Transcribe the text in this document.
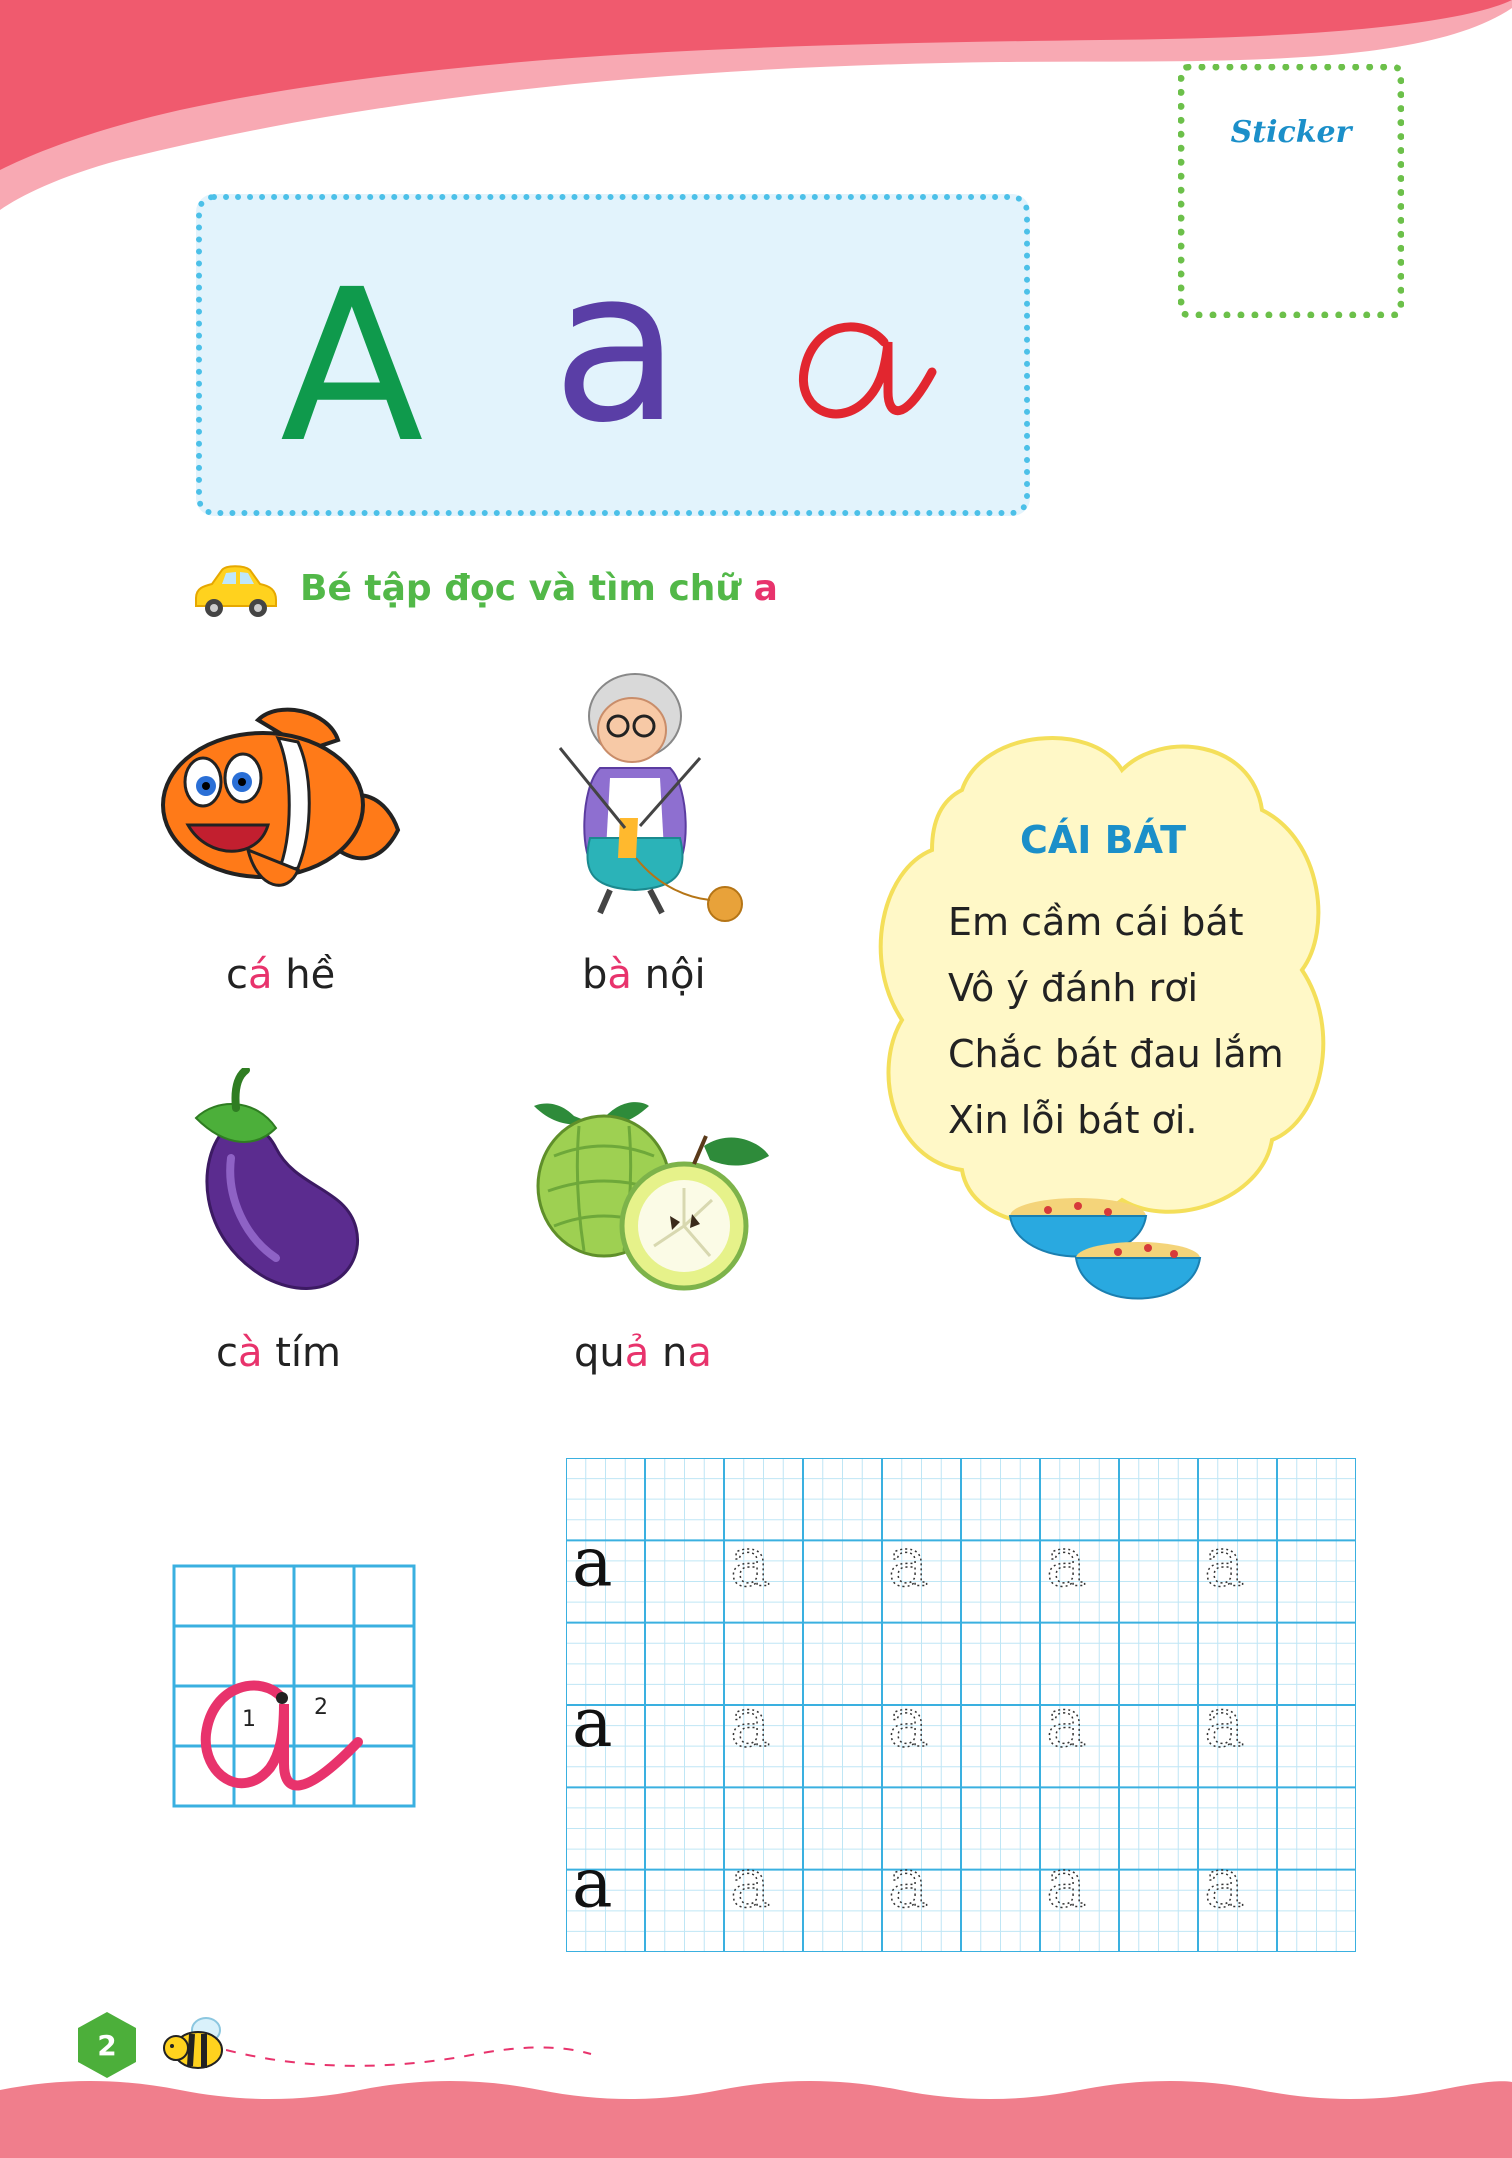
Sticker
A a
Bé tập đọc và tìm chữ a
cá hề	bà nội
cà tím	quả na
CÁI BÁT
Em cầm cái bát
Vô ý đánh rơi
Chắc bát đau lắm
Xin lỗi bát ơi.
1	2
a a a a a
a a a a a
a a a a a
2
